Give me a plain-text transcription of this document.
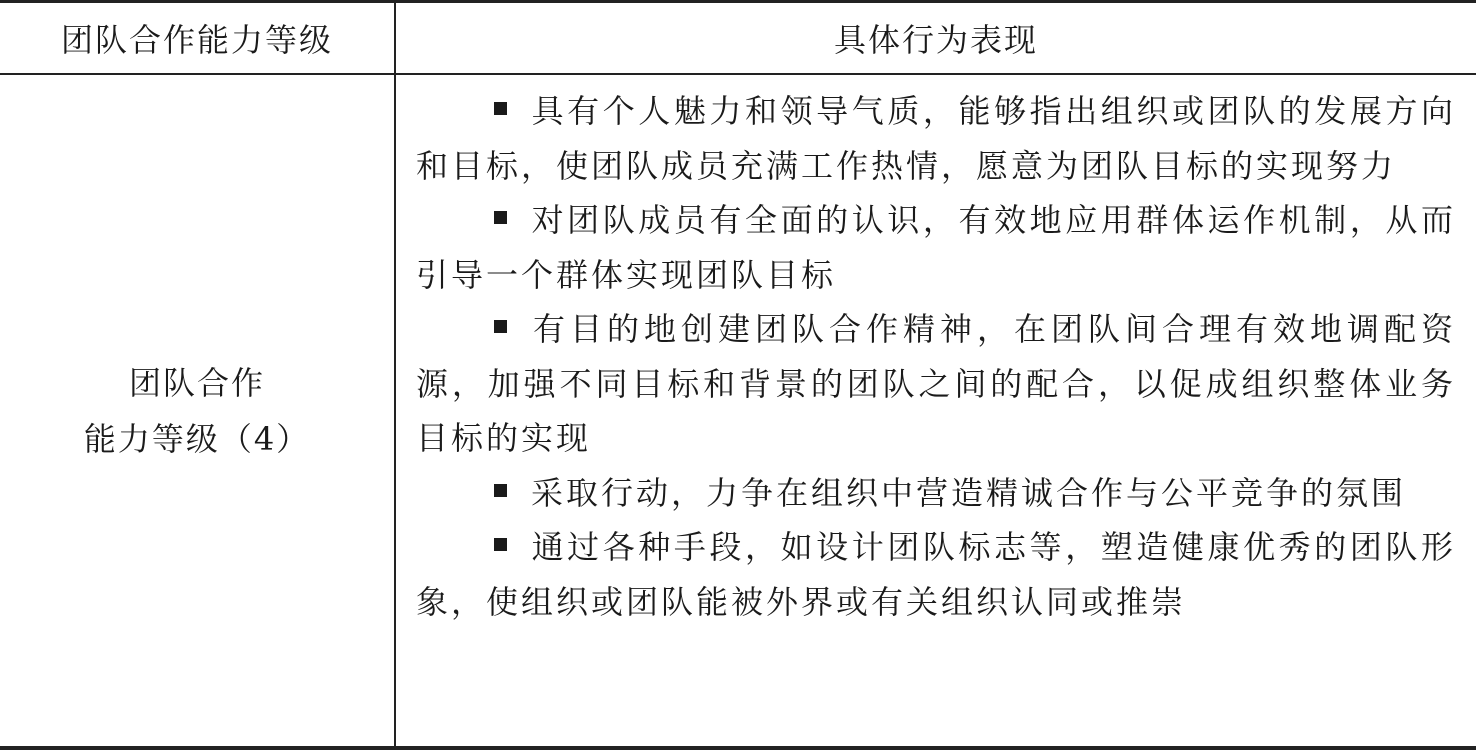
团队合作能力等级	具体行为表现
团队合作
能力等级（4）

具有个人魅力和领导气质，能够指出组织或团队的发展方向和目标，使团队成员充满工作热情，愿意为团队目标的实现努力

对团队成员有全面的认识，有效地应用群体运作机制，从而引导一个群体实现团队目标

有目的地创建团队合作精神，在团队间合理有效地调配资源，加强不同目标和背景的团队之间的配合，以促成组织整体业务目标的实现

采取行动，力争在组织中营造精诚合作与公平竞争的氛围

通过各种手段，如设计团队标志等，塑造健康优秀的团队形象，使组织或团队能被外界或有关组织认同或推崇
